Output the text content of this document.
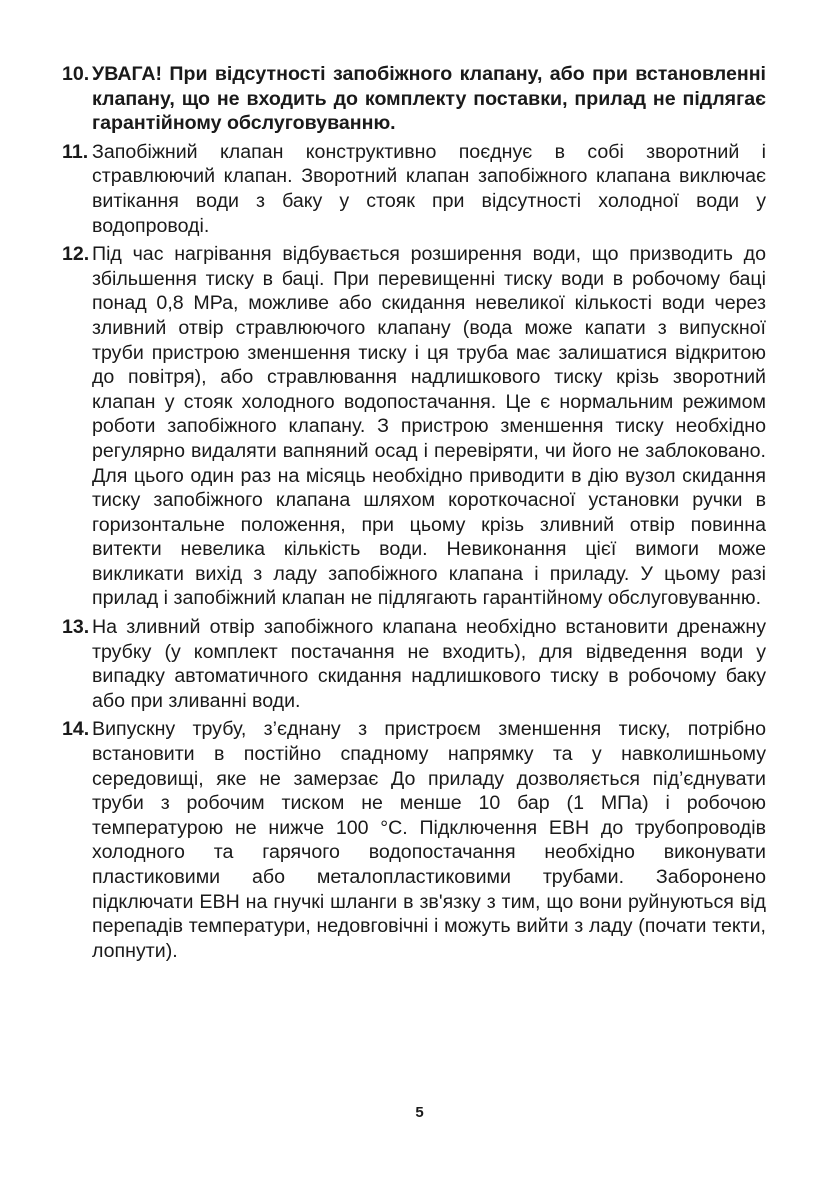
10. УВАГА! При відсутності запобіжного клапану, або при встановленні клапану, що не входить до комплекту поставки, прилад не підлягає гарантійному обслуговуванню.
11. Запобіжний клапан конструктивно поєднує в собі зворотний і стравлюючий клапан. Зворотний клапан запобіжного клапана виключає витікання води з баку у стояк при відсутності холодної води у водопроводі.
12. Під час нагрівання відбувається розширення води, що призводить до збільшення тиску в баці. При перевищенні тиску води в робочому баці понад 0,8 МРа, можливе або скидання невеликої кількості води через зливний отвір стравлюючого клапану (вода може капати з випускної труби пристрою зменшення тиску і ця труба має залишатися відкритою до повітря), або стравлювання надлишкового тиску крізь зворотний клапан у стояк холодного водопостачання. Це є нормальним режимом роботи запобіжного клапану. З пристрою зменшення тиску необхідно регулярно видаляти вапняний осад і перевіряти, чи його не заблоковано. Для цього один раз на місяць необхідно приводити в дію вузол скидання тиску запобіжного клапана шляхом короткочасної установки ручки в горизонтальне положення, при цьому крізь зливний отвір повинна витекти невелика кількість води. Невиконання цієї вимоги може викликати вихід з ладу запобіжного клапана і приладу. У цьому разі прилад і запобіжний клапан не підлягають гарантійному обслуговуванню.
13. На зливний отвір запобіжного клапана необхідно встановити дренажну трубку (у комплект постачання не входить), для відведення води у випадку автоматичного скидання надлишкового тиску в робочому баку або при зливанні води.
14. Випускну трубу, з’єднану з пристроєм зменшення тиску, потрібно встановити в постійно спадному напрямку та у навколишньому середовищі, яке не замерзає До приладу дозволяється під’єднувати труби з робочим тиском не менше 10 бар (1 МПа) і робочою температурою не нижче 100 °С. Підключення ЕВН до трубопроводів холодного та гарячого водопостачання необхідно виконувати пластиковими або металопластиковими трубами. Заборонено підключати ЕВН на гнучкі шланги в зв'язку з тим, що вони руйнуються від перепадів температури, недовговічні і можуть вийти з ладу (почати текти, лопнути).
5
